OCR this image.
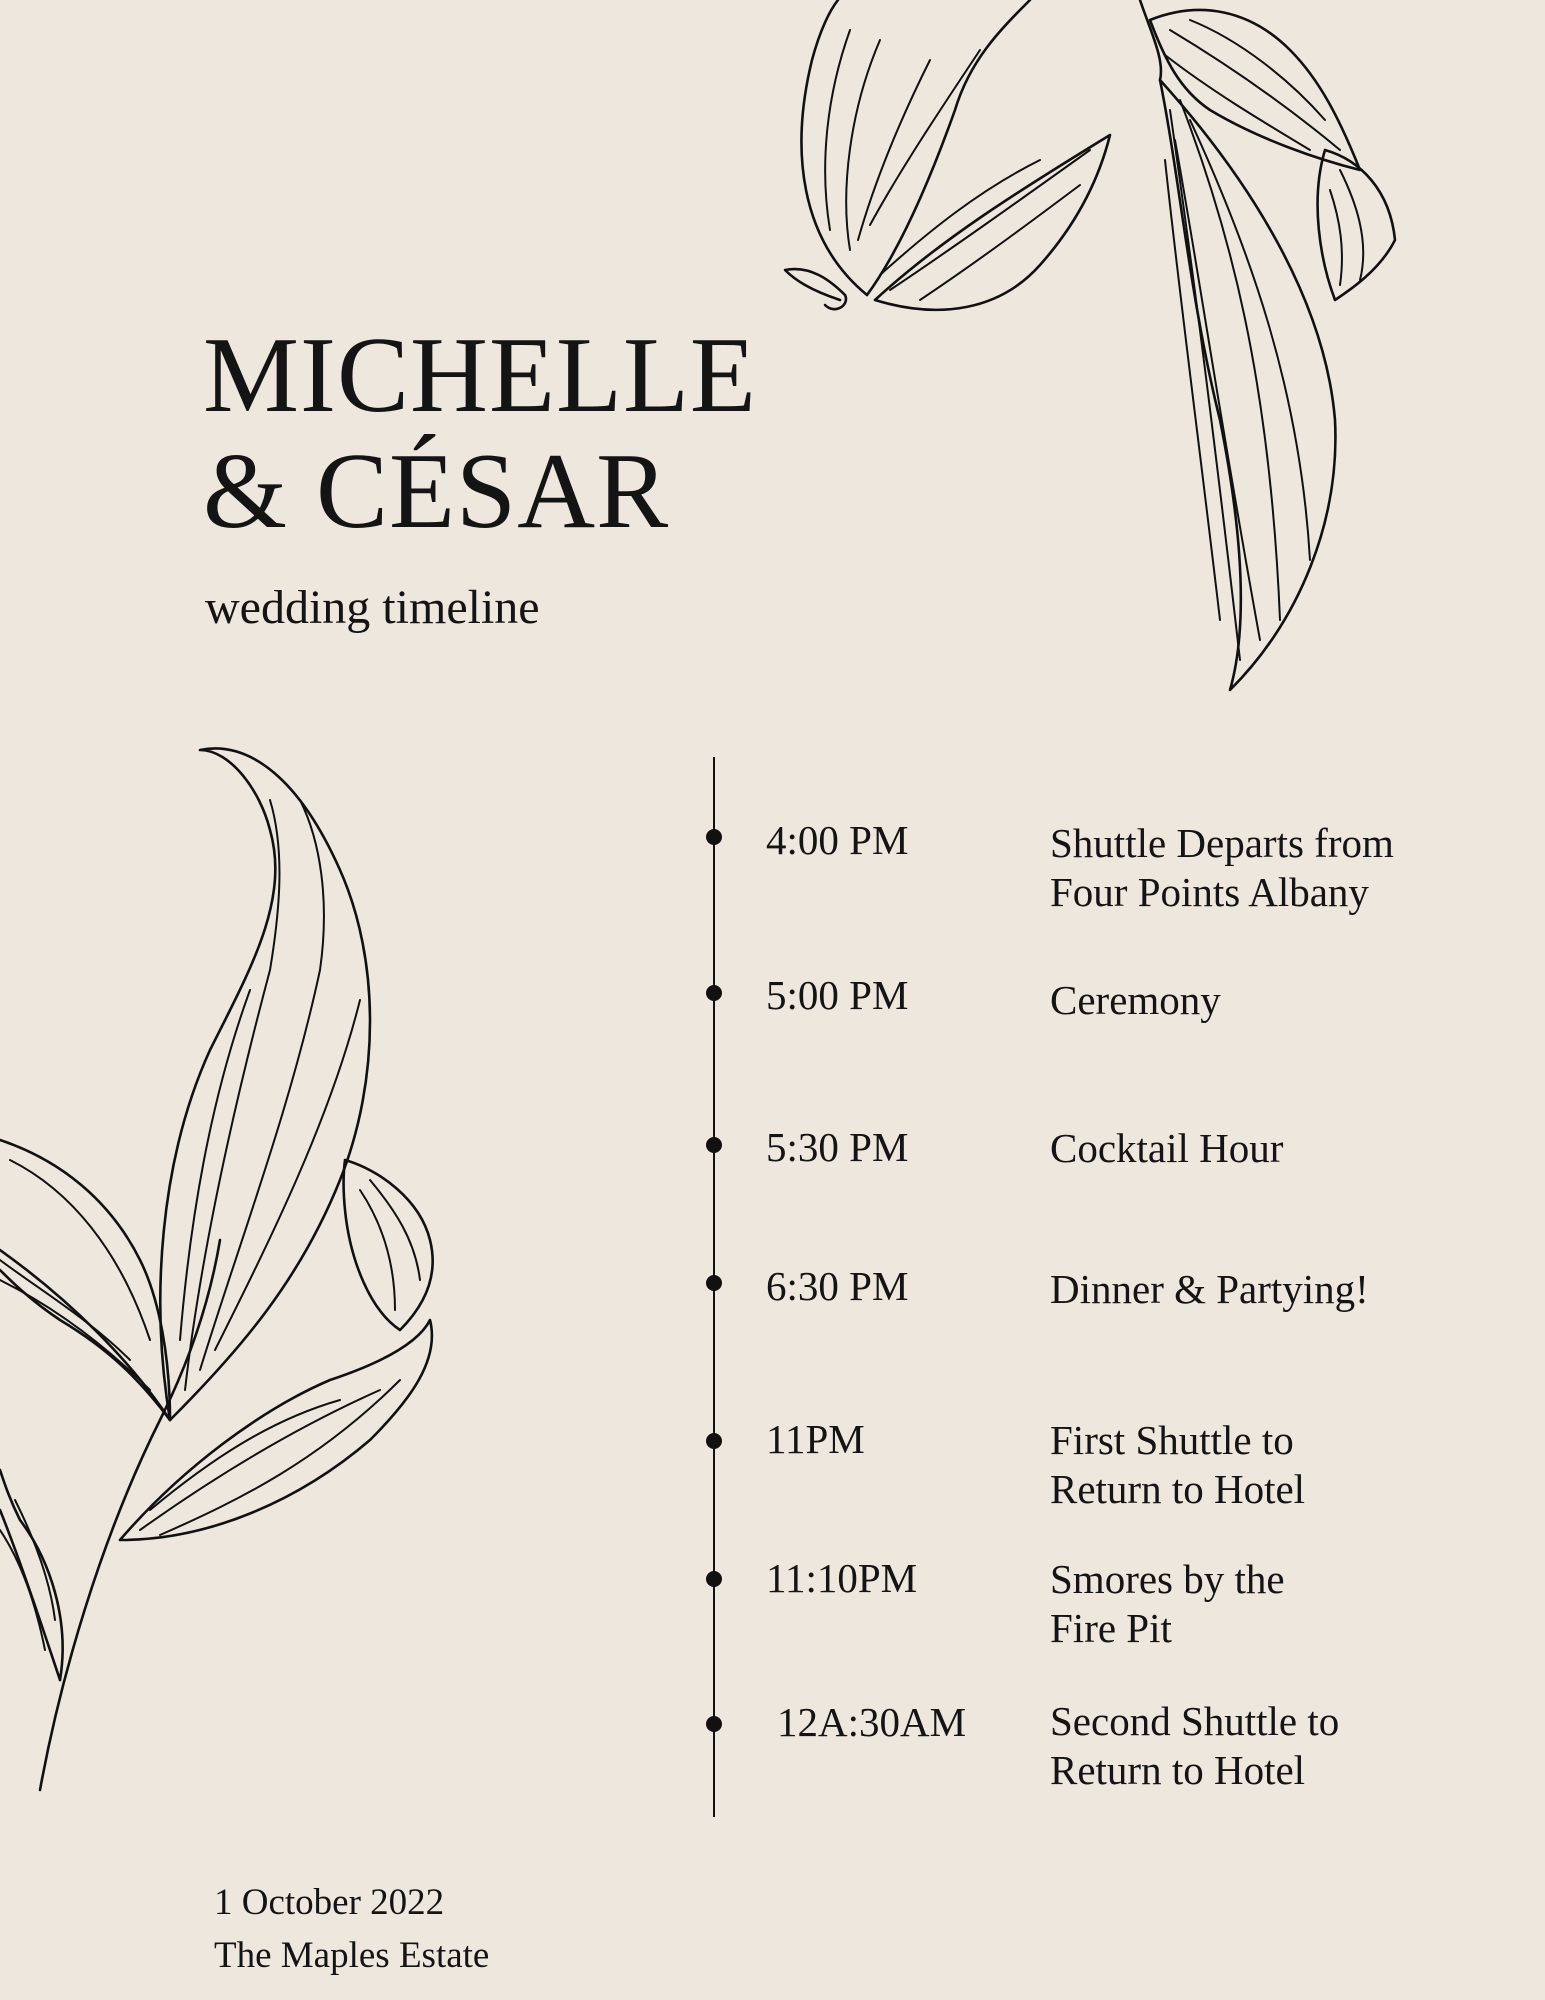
MICHELLE
& CÉSAR
wedding timeline
4:00 PM	Shuttle Departs from
Four Points Albany
5:00 PM	Ceremony
5:30 PM	Cocktail Hour
6:30 PM	Dinner & Partying!
11PM	First Shuttle to
Return to Hotel
11:10PM	Smores by the
Fire Pit
12A:30AM Second Shuttle to
Return to Hotel
1 October 2022
The Maples Estate
